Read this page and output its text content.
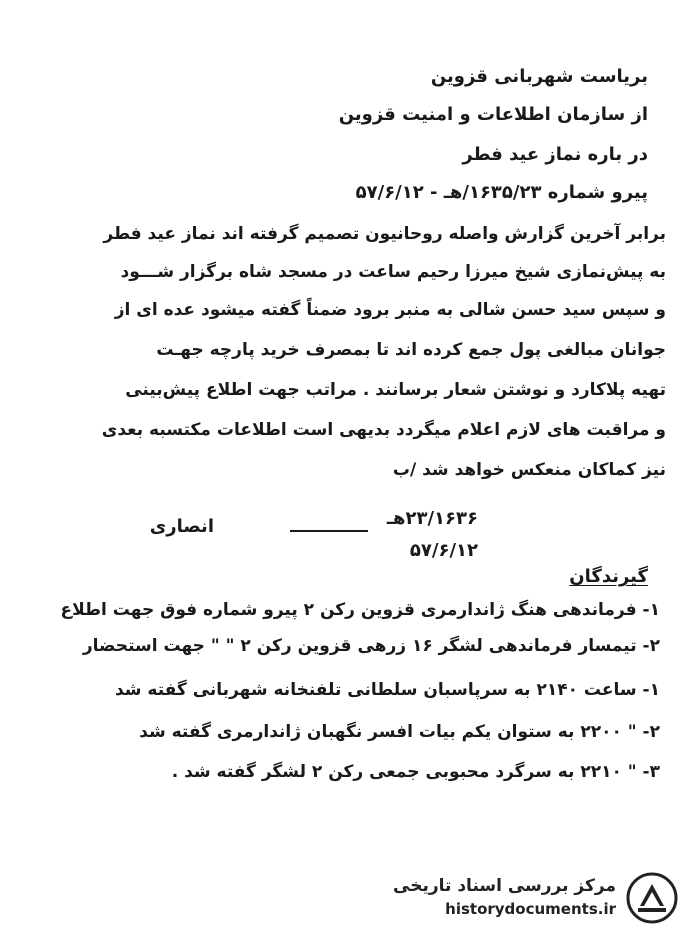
بریاست شهربانی قزوین
از سازمان اطلاعات و امنیت قزوین
در باره نماز عید فطر
پیرو شماره ۱۶۳۵/۲۳/هـ - ۵۷/۶/۱۲
برابر آخرین گزارش واصله روحانیون تصمیم گرفته اند نماز عید فطر
به پیش‌نمازی شیخ میرزا رحیم ساعت در مسجد شاه برگزار شـــود
و سپس سید حسن شالی به منبر برود ضمناً گفته میشود عده ای از
جوانان مبالغی پول جمع کرده اند تا بمصرف خرید پارچه جهـت
تهیه پلاکارد و نوشتن شعار برسانند . مراتب جهت اطلاع پیش‌بینی
و مراقبت های لازم اعلام میگردد بدیهی است اطلاعات مکتسبه بعدی
نیز کماکان منعکس خواهد شد /ب
۲۳/۱۶۳۶هـ
انصاری
۵۷/۶/۱۲
گیرندگان
۱- فرماندهی هنگ ژاندارمری قزوین رکن ۲ پیرو شماره فوق جهت اطلاع
۲- تیمسار فرماندهی لشگر ۱۶ زرهی قزوین رکن ۲ " " جهت استحضار
۱- ساعت ۲۱۴۰ به سرپاسبان سلطانی تلفنخانه شهربانی گفته شد
۲- " ۲۲۰۰ به ستوان یکم بیات افسر نگهبان ژاندارمری گفته شد
۳- " ۲۲۱۰ به سرگرد محبوبی جمعی رکن ۲ لشگر گفته شد .
مرکز بررسی اسناد تاریخی
historydocuments.ir
